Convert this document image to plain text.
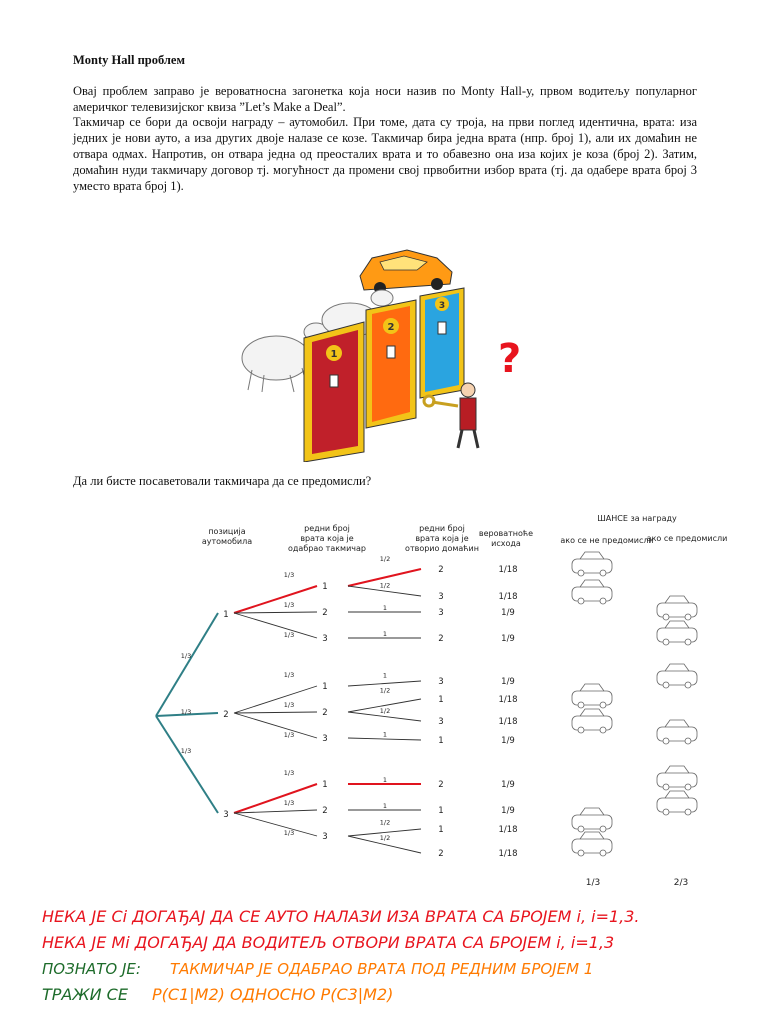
Monty Hall проблем

Овај проблем заправо је вероватносна загонетка која носи назив по Monty Hall-у, првом водитељу популарног америчког телевизијског квиза ”Let’s Make a Deal”.

Такмичар се бори да освоји награду – аутомобил. При томе, дата су троја, на први поглед идентична, врата: иза једних је нови ауто, а иза других двоје налазе се козе. Такмичар бира једна врата (нпр. број 1), али их домаћин не отвара одмах. Напротив, он отвара једна од преосталих врата и то обавезно она иза којих је коза (број 2). Затим, домаћин нуди такмичару договор тј. могућност да промени свој првобитни избор врата (тј. да одабере врата број 3 уместо врата број 1).

1
2
3
?
Да ли бисте посаветовали такмичара да се предомисли?
позиција
аутомобила
редни број
врата која је
одабрао такмичар
редни број
врата која је
отворио домаћин
вероватноће
исхода
ШАНСЕ за награду
ако се не предомисли
ако се предомисли
1
2
3
1/3
1/3
1/3
1
1/3
2
1/3
3
1/3
1
1/3
2
1/3
3
1/3
1
1/3
2
1/3
3
1/3
1/2
2	1/18
1/2
3	1/18
1	3	1/9
1	2	1/9
1
3	1/9
1/2
1	1/18
1/2
3	1/18
1
1	1/9
1	2	1/9
1	1	1/9
1/2
1	1/18
1/2
2	1/18
1/3	2/3
НЕКА ЈЕ Ci ДОГАЂАЈ ДА СЕ АУТО НАЛАЗИ ИЗА ВРАТА СА БРОЈЕМ i, i=1,3.
НЕКА ЈЕ Mi ДОГАЂАЈ ДА ВОДИТЕЉ ОТВОРИ ВРАТА СА БРОЈЕМ i, i=1,3
ПОЗНАТО ЈЕ: ТАКМИЧАР ЈЕ ОДАБРАО ВРАТА ПОД РЕДНИМ БРОЈЕМ 1
ТРАЖИ СЕ P(C1|M2) ОДНОСНО P(C3|M2)
